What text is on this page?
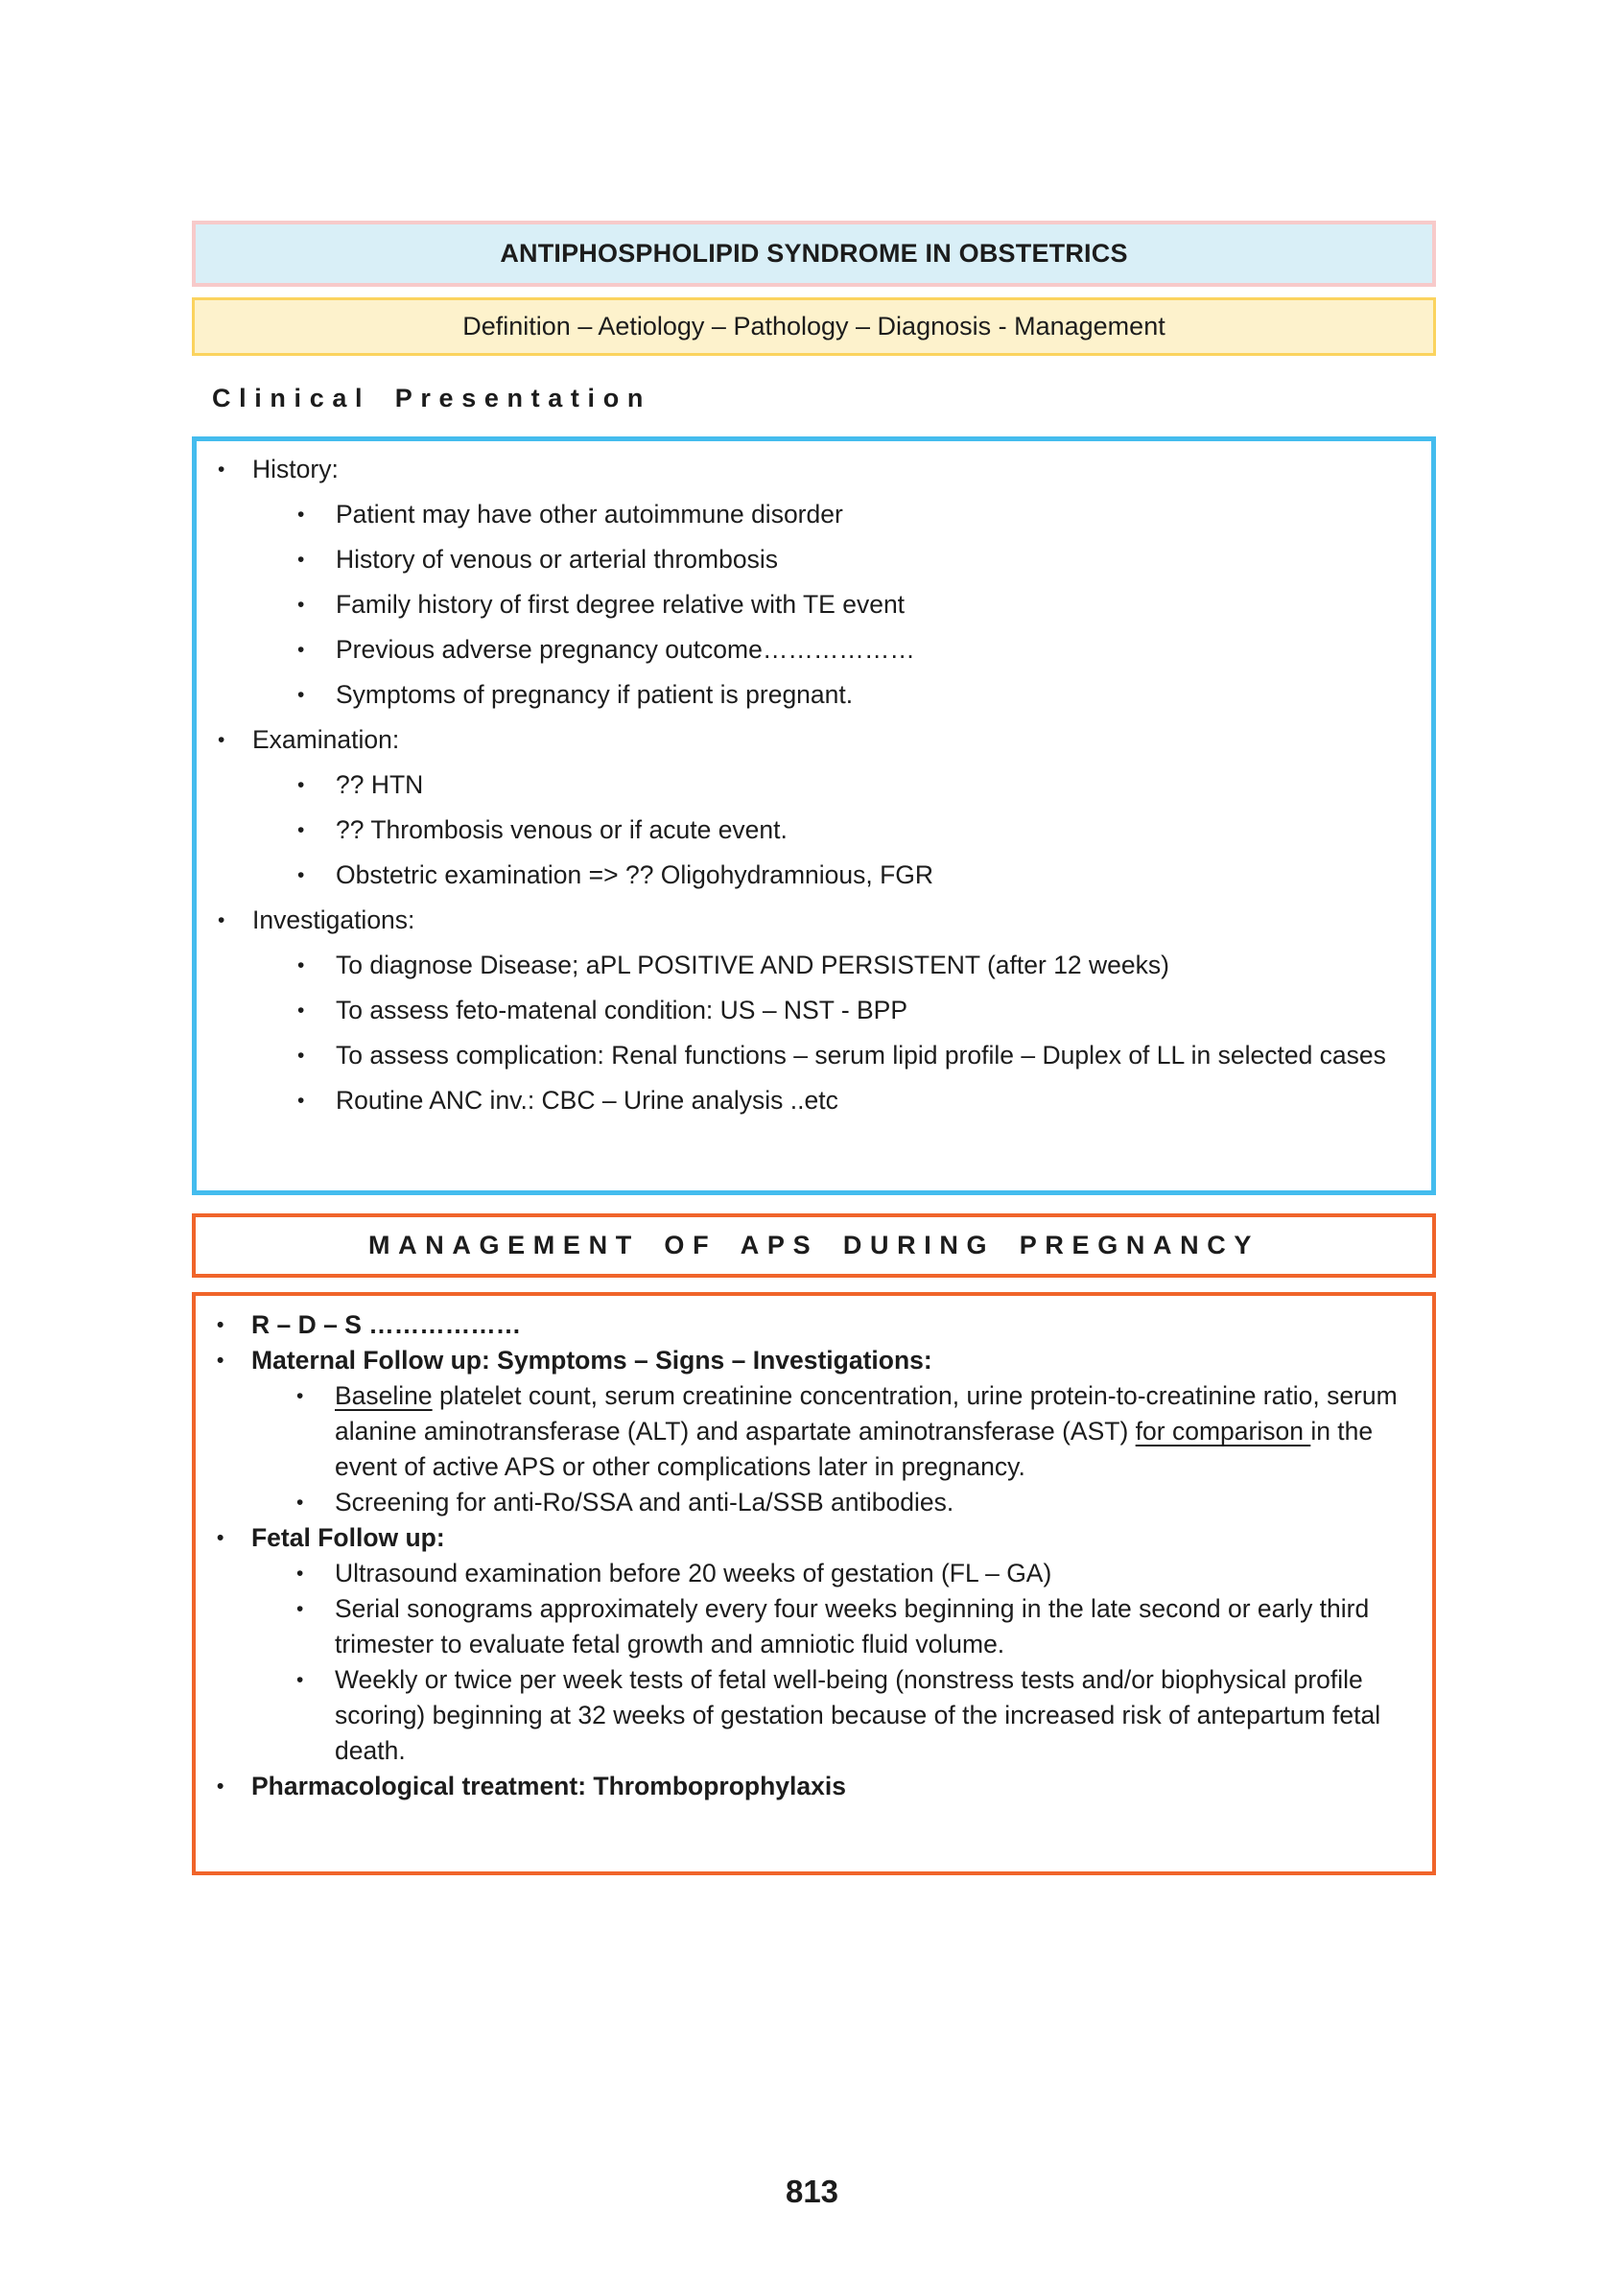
ANTIPHOSPHOLIPID SYNDROME IN OBSTETRICS
Definition – Aetiology – Pathology – Diagnosis - Management
Clinical Presentation
•	History:
•	Patient may have other autoimmune disorder
•	History of venous or arterial thrombosis
•	Family history of first degree relative with TE event
•	Previous adverse pregnancy outcome………………
•	Symptoms of pregnancy if patient is pregnant.
•	Examination:
•	?? HTN
•	?? Thrombosis venous or if acute event.
•	Obstetric examination => ?? Oligohydramnious, FGR
•	Investigations:
•	To diagnose Disease; aPL POSITIVE AND PERSISTENT (after 12 weeks)
•	To assess feto-matenal condition: US – NST - BPP
•	To assess complication: Renal functions – serum lipid profile – Duplex of LL in selected cases
•	Routine ANC inv.: CBC – Urine analysis ..etc
MANAGEMENT OF APS DURING PREGNANCY
•	R – D – S ………………
•	Maternal Follow up: Symptoms – Signs – Investigations:
•	Baseline platelet count, serum creatinine concentration, urine protein-to-creatinine ratio, serum alanine aminotransferase (ALT) and aspartate aminotransferase (AST) for comparison in the event of active APS or other complications later in pregnancy.
•	Screening for anti-Ro/SSA and anti-La/SSB antibodies.
•	Fetal Follow up:
•	Ultrasound examination before 20 weeks of gestation (FL – GA)
•	Serial sonograms approximately every four weeks beginning in the late second or early third trimester to evaluate fetal growth and amniotic fluid volume.
•	Weekly or twice per week tests of fetal well-being (nonstress tests and/or biophysical profile scoring) beginning at 32 weeks of gestation because of the increased risk of antepartum fetal death.
•	Pharmacological treatment: Thromboprophylaxis
813
